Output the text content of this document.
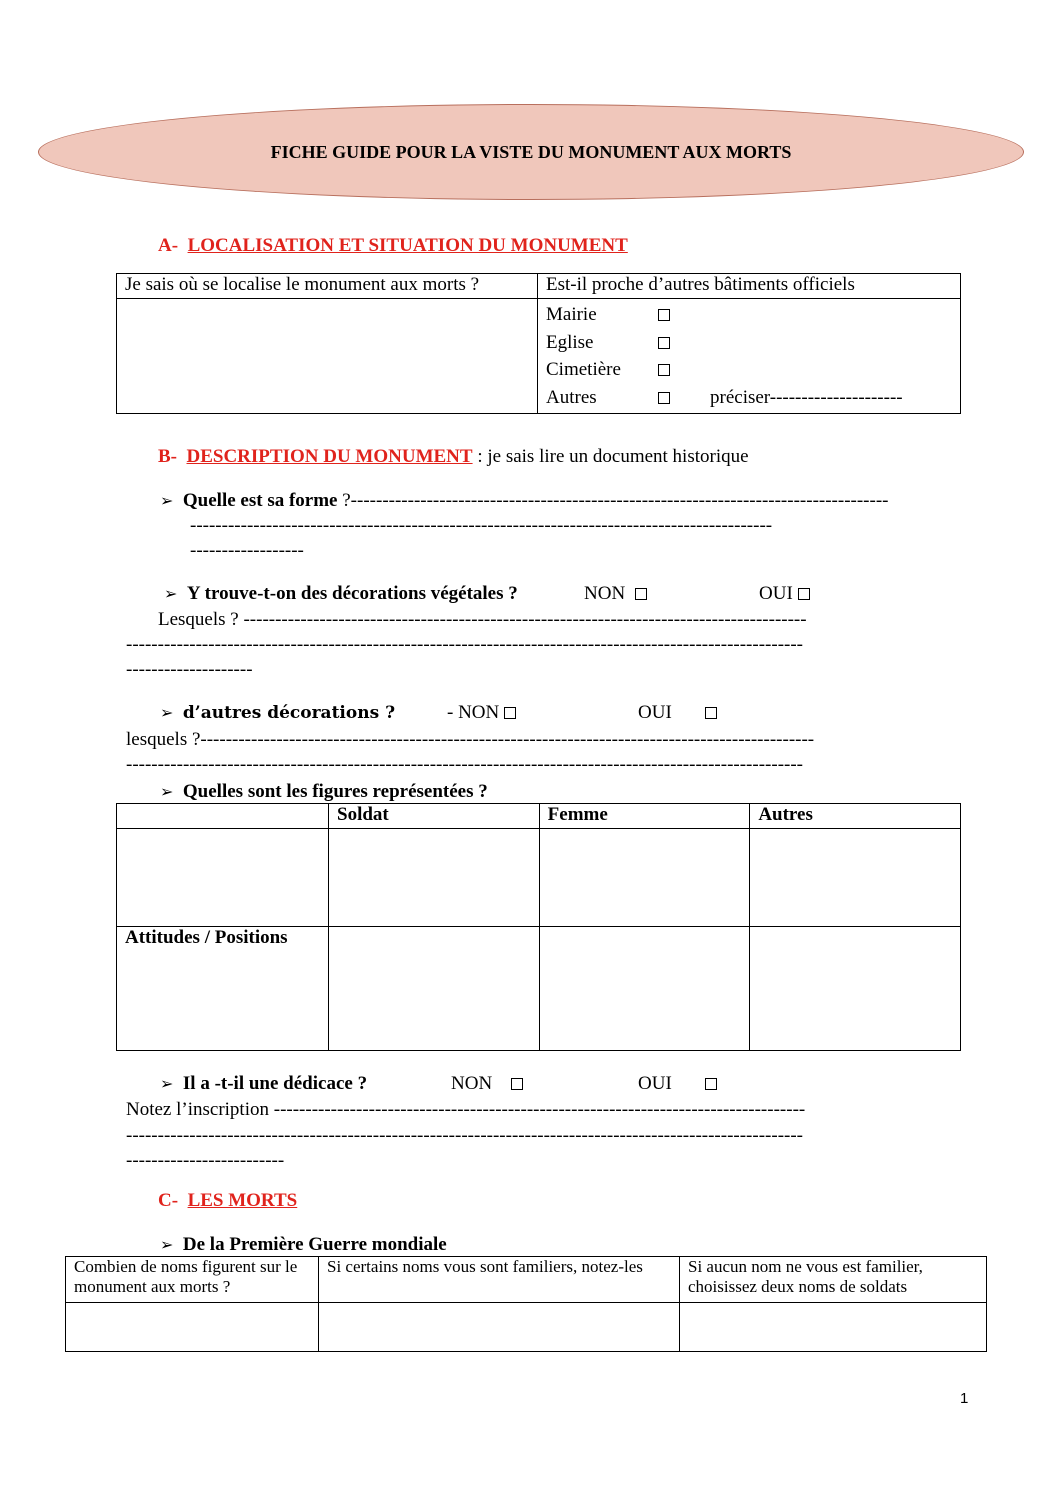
FICHE GUIDE POUR LA VISTE DU MONUMENT AUX MORTS
A- LOCALISATION ET SITUATION DU MONUMENT
Je sais où se localise le monument aux morts ?	Est-il proche d’autres bâtiments officiels

	Mairie
Eglise
Cimetière
Autres préciser---------------------
B- DESCRIPTION DU MONUMENT : je sais lire un document historique
➢ Quelle est sa forme ?-------------------------------------------------------------------------------------
--------------------------------------------------------------------------------------------
------------------
➢ Y trouve-t-on des décorations végétales ?	NON	OUI
Lesquels ? -----------------------------------------------------------------------------------------
-----------------------------------------------------------------------------------------------------------
--------------------
➢ d’autres décorations ?	- NON	OUI
lesquels ?-------------------------------------------------------------------------------------------------
-----------------------------------------------------------------------------------------------------------
➢ Quelles sont les figures représentées ?
	Soldat	Femme	Autres

Attitudes / Positions			
➢ Il a -t-il une dédicace ?	NON	OUI
Notez l’inscription ------------------------------------------------------------------------------------
-----------------------------------------------------------------------------------------------------------
-------------------------
C- LES MORTS
➢ De la Première Guerre mondiale
Combien de noms figurent sur le monument aux morts ?	Si certains noms vous sont familiers, notez-les	Si aucun nom ne vous est familier, choisissez deux noms de soldats

1
